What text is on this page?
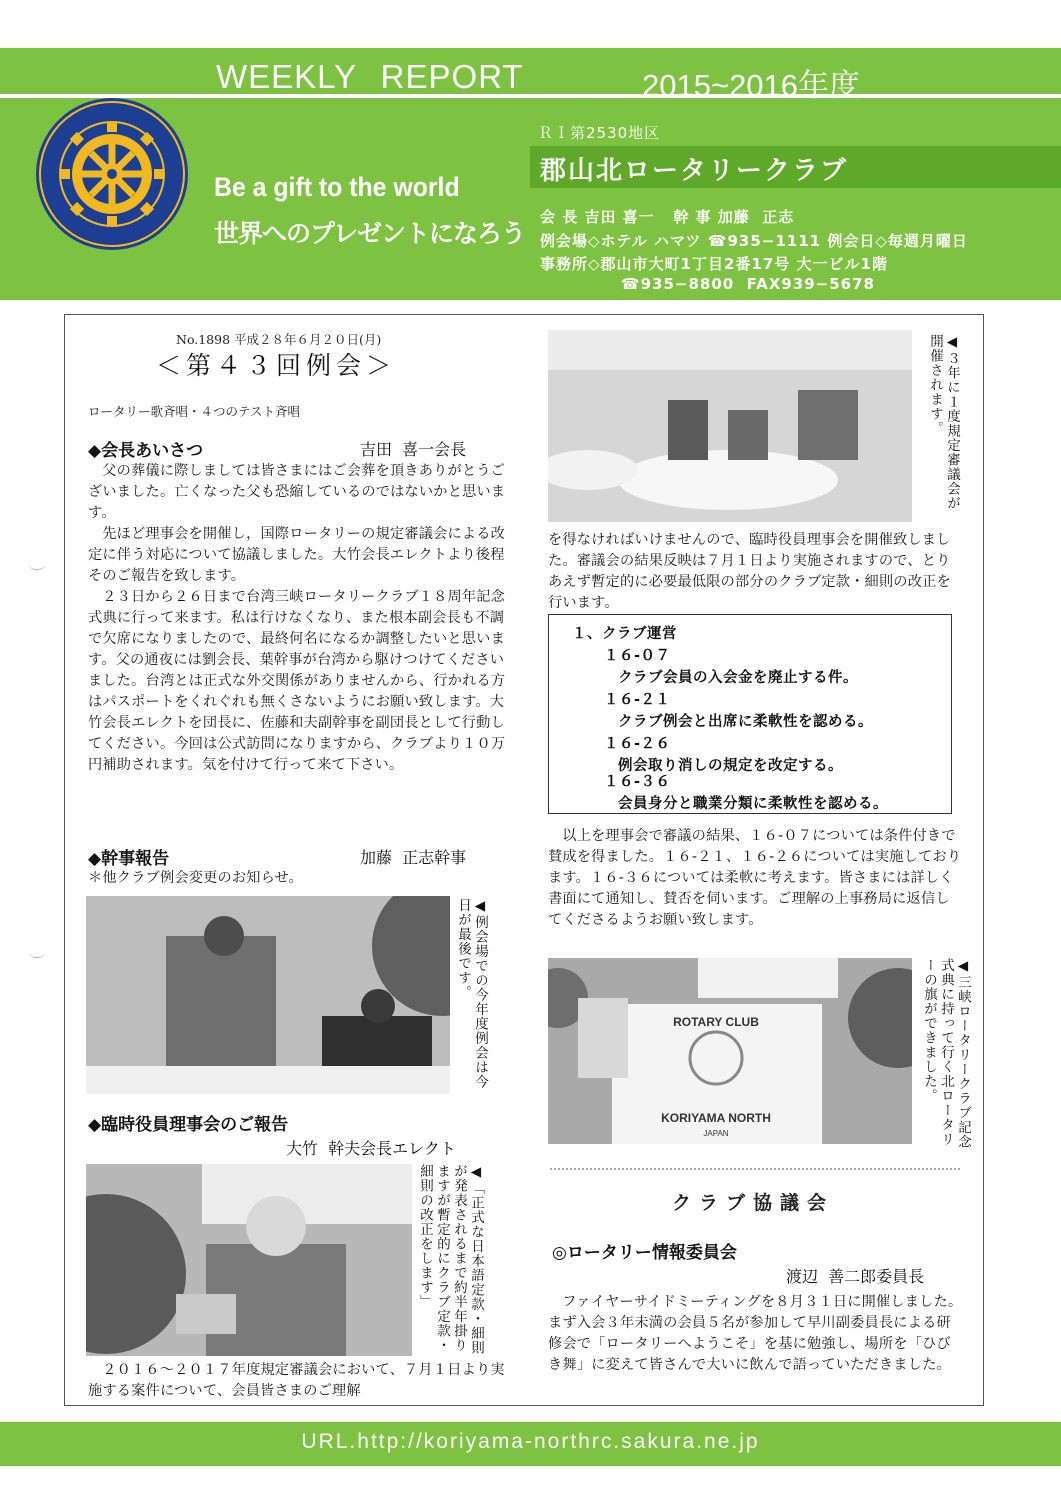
WEEKLY REPORT	2015~2016年度
Be a gift to the world
世界へのプレゼントになろう
ＲＩ第2530地区
郡山北ロータリークラブ
会 長 吉田 喜一   幹 事 加藤  正志
例会場◇ホテル ハマツ ☎935−1111 例会日◇毎週月曜日
事務所◇郡山市大町1丁目2番17号 大一ビル1階
☎935−8800  FAX939−5678
No.1898 平成２８年６月２０日(月)
＜第４３回例会＞
ロータリー歌斉唱・４つのテスト斉唱
◆会長あいさつ	吉田  喜一会長

父の葬儀に際しましては皆さまにはご会葬を頂きありがとうございました。亡くなった父も恐縮しているのではないかと思います。

先ほど理事会を開催し，国際ロータリーの規定審議会による改定に伴う対応について協議しました。大竹会長エレクトより後程そのご報告を致します。

２３日から２６日まで台湾三峡ロータリークラブ１８周年記念式典に行って来ます。私は行けなくなり、また根本副会長も不調で欠席になりましたので、最終何名になるか調整したいと思います。父の通夜には劉会長、葉幹事が台湾から駆けつけてくださいました。台湾とは正式な外交関係がありませんから、行かれる方はパスポートをくれぐれも無くさないようにお願い致します。大竹会長エレクトを団長に、佐藤和夫副幹事を副団長として行動してください。今回は公式訪問になりますから、クラブより１０万円補助されます。気を付けて行って来て下さい。

◆幹事報告	加藤  正志幹事
＊他クラブ例会変更のお知らせ。
◀例会場での今年度例会は今日が最後です。
◆臨時役員理事会のご報告
大竹  幹夫会長エレクト
◀「正式な日本語定款・細則が発表されるまで約半年掛りますが暫定的にクラブ定款・細則の改正をします」

２０１６～２０１７年度規定審議会において、７月１日より実施する案件について、会員皆さまのご理解

◀３年に１度規定審議会が開催されます。
を得なければいけませんので、臨時役員理事会を開催致しました。審議会の結果反映は７月１日より実施されますので、とりあえず暫定的に必要最低限の部分のクラブ定款・細則の改正を行います。
１、クラブ運営
１６-０７
クラブ会員の入会金を廃止する件。
１６-２１
クラブ例会と出席に柔軟性を認める。
１６-２６
例会取り消しの規定を改定する。
１６-３６
会員身分と職業分類に柔軟性を認める。

以上を理事会で審議の結果、１６-０７については条件付きで賛成を得ました。１６-２１、１６-２６については実施しております。１６-３６については柔軟に考えます。皆さまには詳しく書面にて通知し、賛否を伺います。ご理解の上事務局に返信してくださるようお願い致します。

ROTARY CLUB
KORIYAMA NORTH
JAPAN	◀三峡ロータリークラブ記念式典に持って行く北ロータリーの旗ができました。
クラブ協議会
◎ロータリー情報委員会
渡辺  善二郎委員長

ファイヤーサイドミーティングを８月３１日に開催しました。まず入会３年未満の会員５名が参加して早川副委員長による研修会で「ロータリーへようこそ」を基に勉強し、場所を「ひびき舞」に変えて皆さんで大いに飲んで語っていただきました。

URL.http://koriyama-northrc.sakura.ne.jp
